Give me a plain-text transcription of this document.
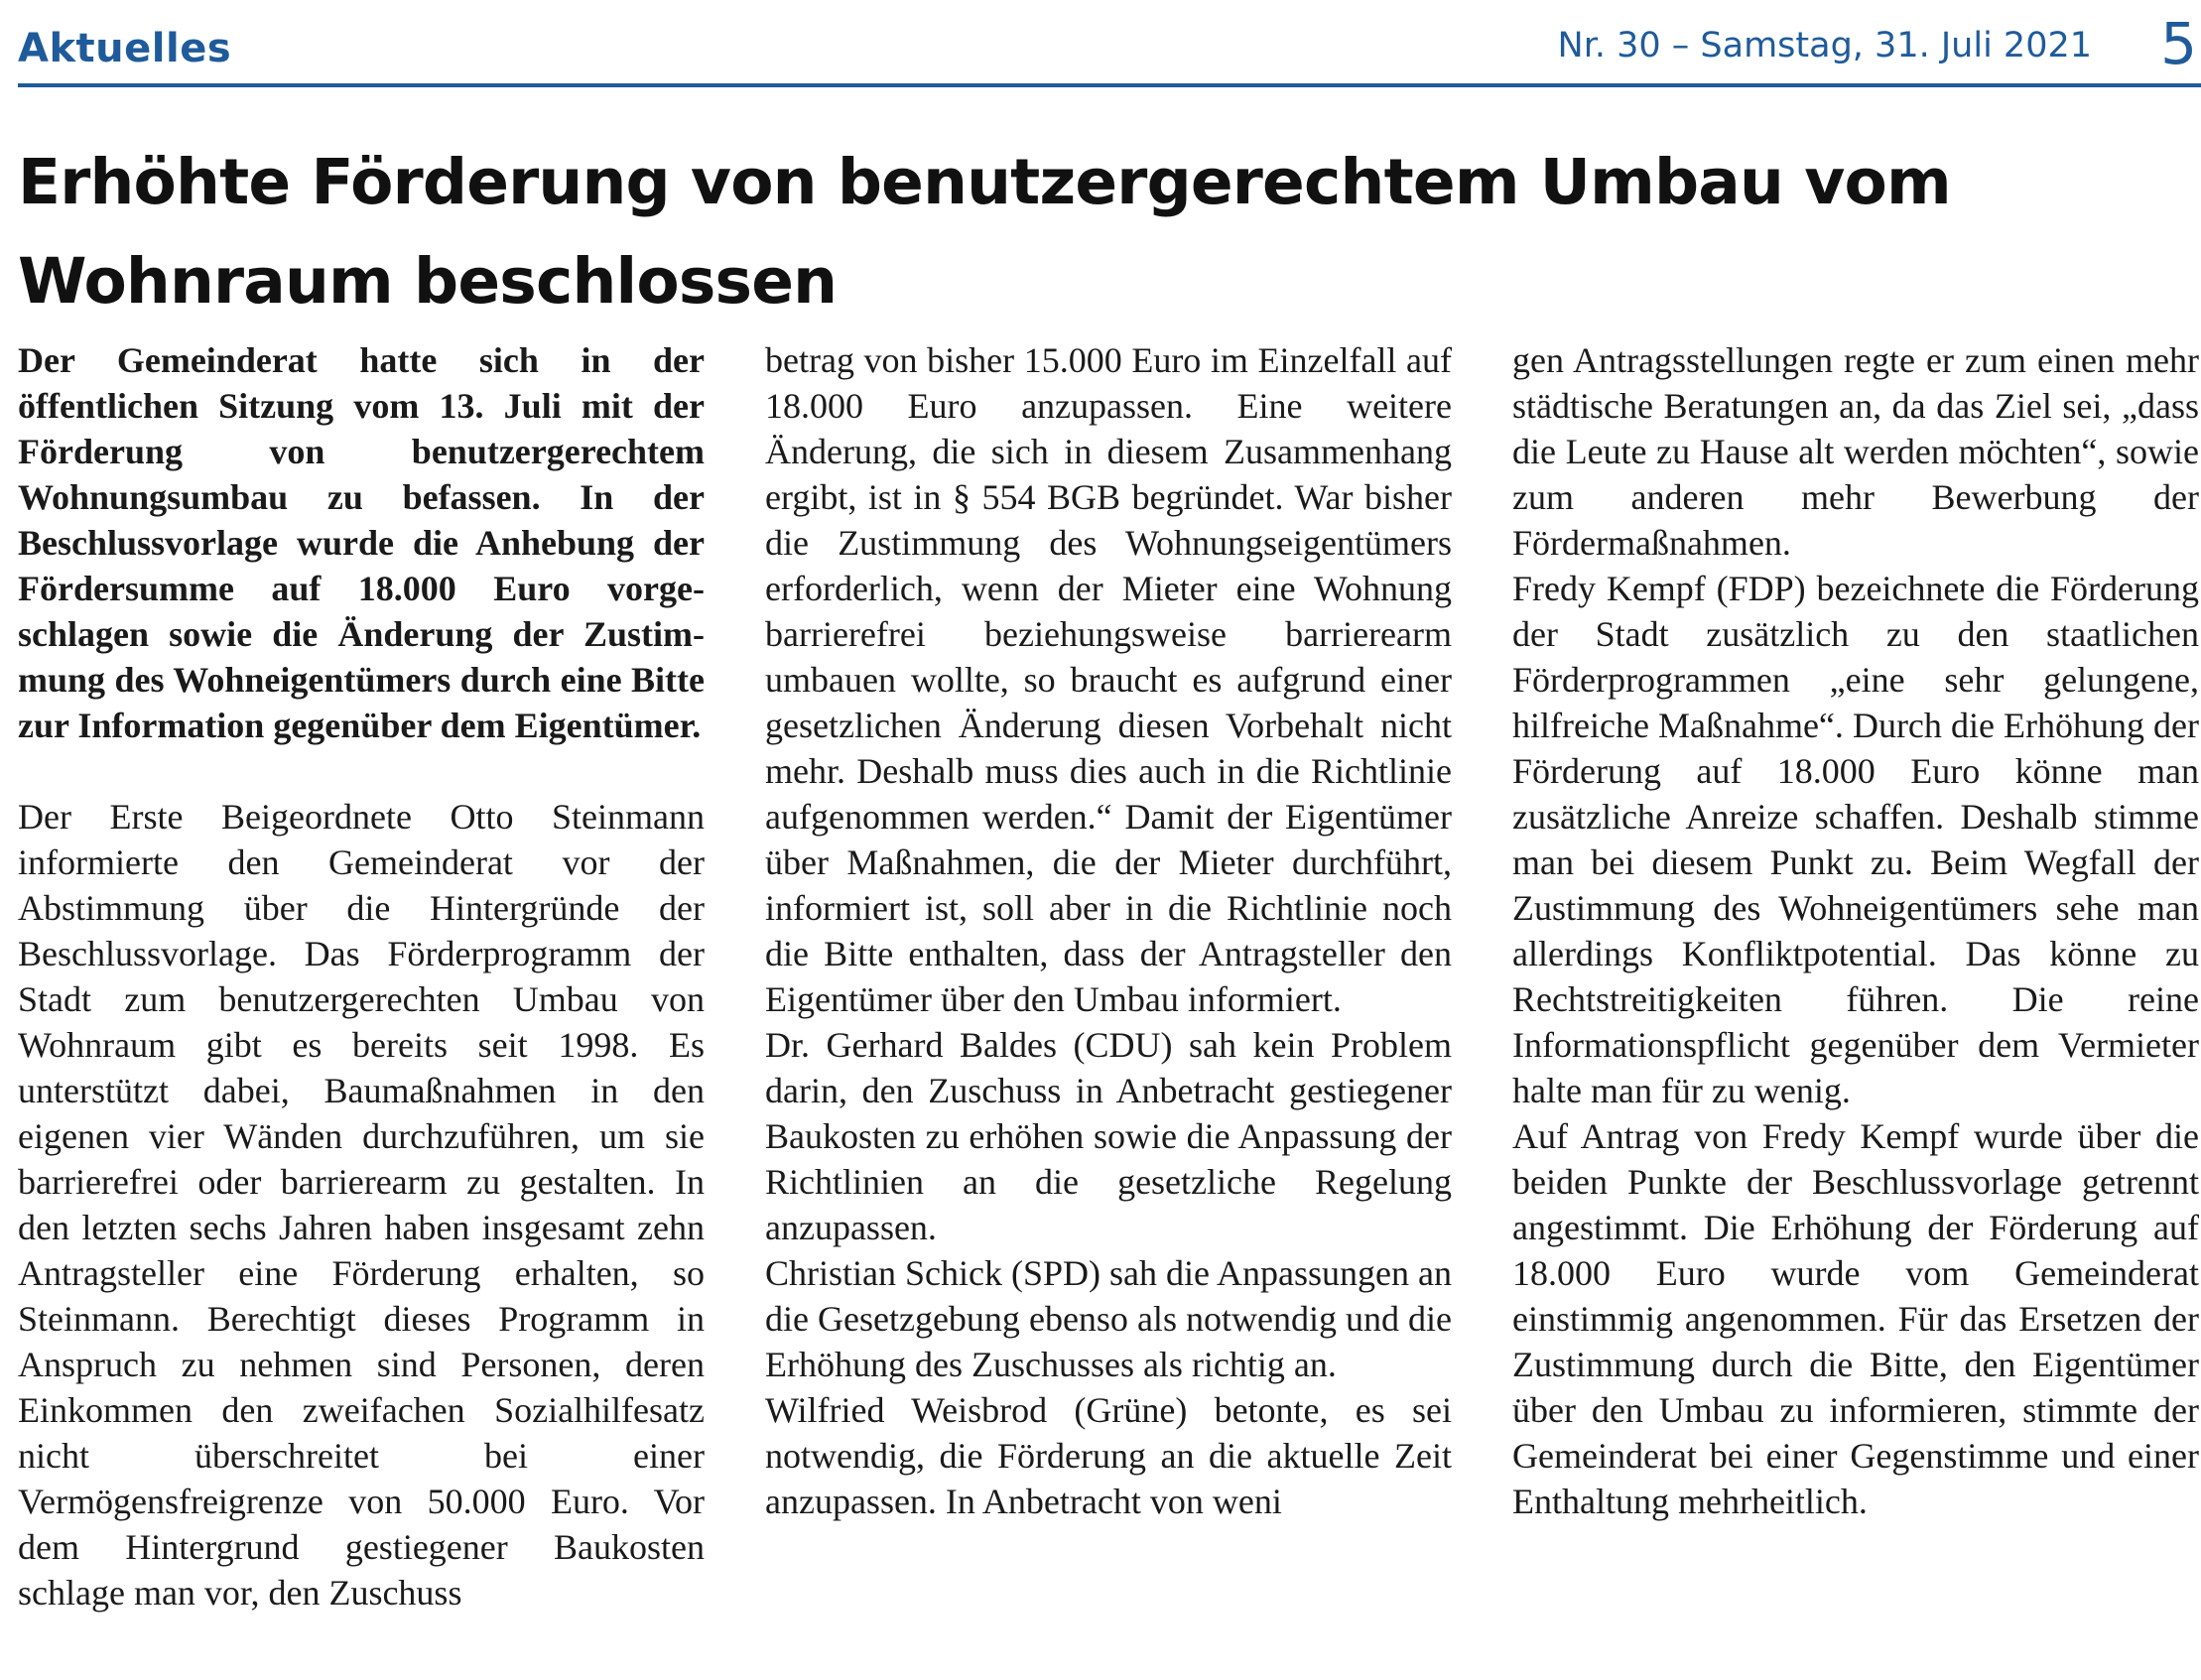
Aktuelles	Nr. 30 – Samstag, 31. Juli 2021 5
Erhöhte Förderung von benutzergerechtem Umbau vom Wohnraum beschlossen

Der Gemeinderat hatte sich in der öffentlichen Sitzung vom 13. Juli mit der Förderung von benutzergerechtem Wohnungsumbau zu befassen. In der Beschlussvorlage wurde die Anhebung der Fördersumme auf 18.000 Euro vorgeschlagen sowie die Änderung der Zustimmung des Wohneigentümers durch eine Bitte zur Information gegenüber dem Eigentümer.

Der Erste Beigeordnete Otto Steinmann informierte den Gemeinderat vor der Abstimmung über die Hintergründe der Beschlussvorlage. Das Förderprogramm der Stadt zum benutzergerechten Umbau von Wohnraum gibt es bereits seit 1998. Es unterstützt dabei, Baumaßnahmen in den eigenen vier Wänden durchzuführen, um sie barrierefrei oder barrierearm zu gestalten. In den letzten sechs Jahren haben insgesamt zehn Antragsteller eine Förderung erhalten, so Steinmann. Berechtigt dieses Programm in Anspruch zu nehmen sind Personen, deren Einkommen den zweifachen Sozialhilfesatz nicht überschreitet bei einer Vermögensfreigrenze von 50.000 Euro. Vor dem Hintergrund gestiegener Baukosten schlage man vor, den Zuschuss

betrag von bisher 15.000 Euro im Einzelfall auf 18.000 Euro anzupassen. Eine weitere Änderung, die sich in diesem Zusammenhang ergibt, ist in § 554 BGB begründet. War bisher die Zustimmung des Wohnungseigentümers erforderlich, wenn der Mieter eine Wohnung barrierefrei beziehungsweise barrierearm umbauen wollte, so braucht es aufgrund einer gesetzlichen Änderung diesen Vorbehalt nicht mehr. Deshalb muss dies auch in die Richtlinie aufgenommen werden.“ Damit der Eigentümer über Maßnahmen, die der Mieter durchführt, informiert ist, soll aber in die Richtlinie noch die Bitte enthalten, dass der Antragsteller den Eigentümer über den Umbau informiert.

Dr. Gerhard Baldes (CDU) sah kein Problem darin, den Zuschuss in Anbetracht gestiegener Baukosten zu erhöhen sowie die Anpassung der Richtlinien an die gesetzliche Regelung anzupassen.

Christian Schick (SPD) sah die Anpassungen an die Gesetzgebung ebenso als notwendig und die Erhöhung des Zuschusses als richtig an.

Wilfried Weisbrod (Grüne) betonte, es sei notwendig, die Förderung an die aktuelle Zeit anzupassen. In Anbetracht von weni

gen Antragsstellungen regte er zum einen mehr städtische Beratungen an, da das Ziel sei, „dass die Leute zu Hause alt werden möchten“, sowie zum anderen mehr Bewerbung der Fördermaßnahmen.

Fredy Kempf (FDP) bezeichnete die Förderung der Stadt zusätzlich zu den staatlichen Förderprogrammen „eine sehr gelungene, hilfreiche Maßnahme“. Durch die Erhöhung der Förderung auf 18.000 Euro könne man zusätzliche Anreize schaffen. Deshalb stimme man bei diesem Punkt zu. Beim Wegfall der Zustimmung des Wohneigentümers sehe man allerdings Konfliktpotential. Das könne zu Rechtstreitigkeiten führen. Die reine Informationspflicht gegenüber dem Vermieter halte man für zu wenig.

Auf Antrag von Fredy Kempf wurde über die beiden Punkte der Beschlussvorlage getrennt angestimmt. Die Erhöhung der Förderung auf 18.000 Euro wurde vom Gemeinderat einstimmig angenommen. Für das Ersetzen der Zustimmung durch die Bitte, den Eigentümer über den Umbau zu informieren, stimmte der Gemeinderat bei einer Gegenstimme und einer Enthaltung mehrheitlich.
